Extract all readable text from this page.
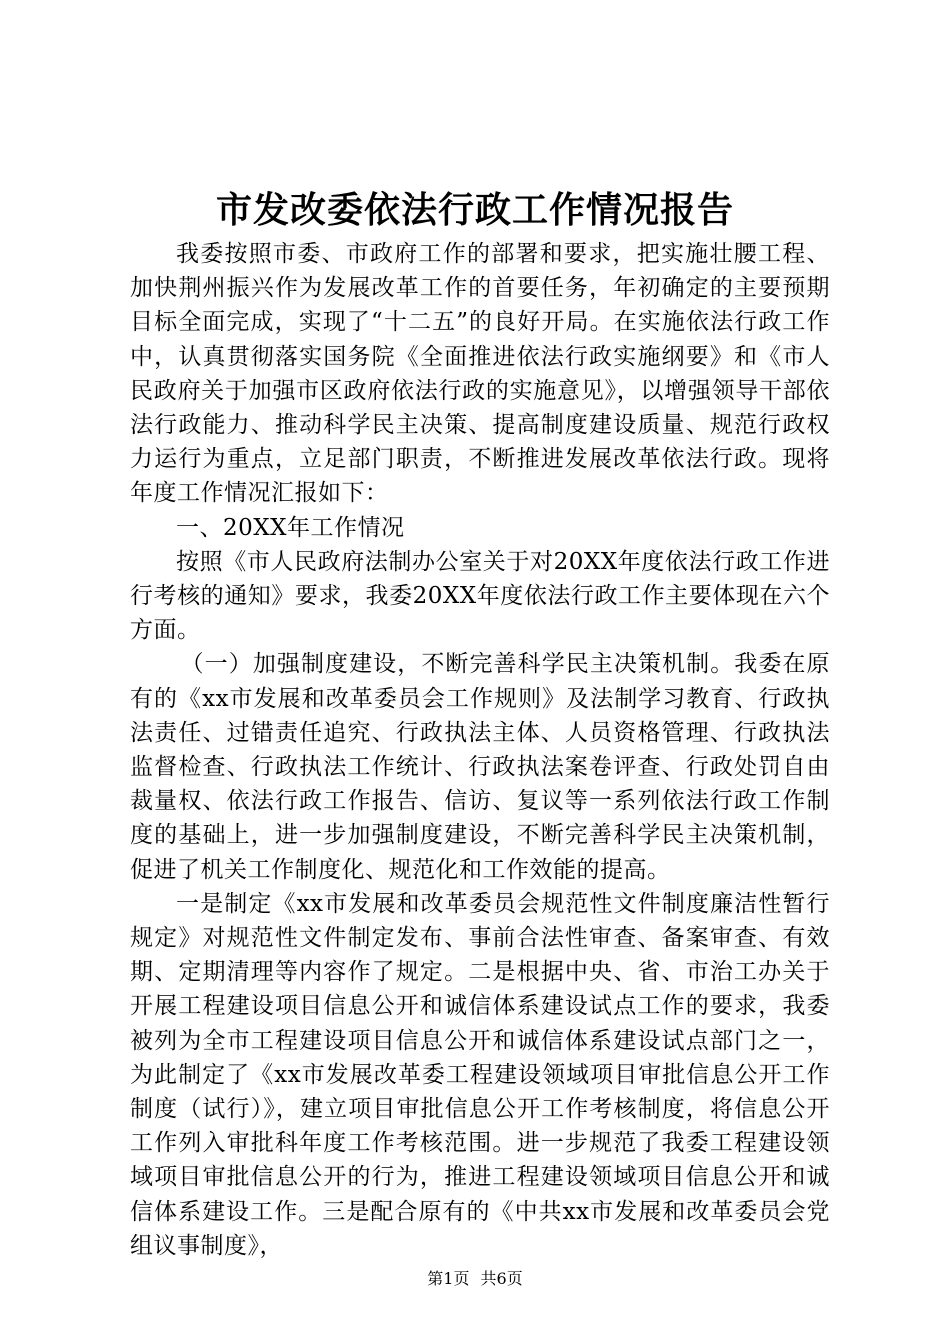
市发改委依法行政工作情况报告

我委按照市委、市政府工作的部署和要求，把实施壮腰工程、加快荆州振兴作为发展改革工作的首要任务，年初确定的主要预期目标全面完成，实现了“十二五”的良好开局。在实施依法行政工作中，认真贯彻落实国务院《全面推进依法行政实施纲要》和《市人民政府关于加强市区政府依法行政的实施意见》，以增强领导干部依法行政能力、推动科学民主决策、提高制度建设质量、规范行政权力运行为重点，立足部门职责，不断推进发展改革依法行政。现将年度工作情况汇报如下：

一、20XX年工作情况

按照《市人民政府法制办公室关于对20XX年度依法行政工作进行考核的通知》要求，我委20XX年度依法行政工作主要体现在六个方面。

（一）加强制度建设，不断完善科学民主决策机制。我委在原有的《xx市发展和改革委员会工作规则》及法制学习教育、行政执法责任、过错责任追究、行政执法主体、人员资格管理、行政执法监督检查、行政执法工作统计、行政执法案卷评查、行政处罚自由裁量权、依法行政工作报告、信访、复议等一系列依法行政工作制度的基础上，进一步加强制度建设，不断完善科学民主决策机制，促进了机关工作制度化、规范化和工作效能的提高。

一是制定《xx市发展和改革委员会规范性文件制度廉洁性暂行规定》对规范性文件制定发布、事前合法性审查、备案审查、有效期、定期清理等内容作了规定。二是根据中央、省、市治工办关于开展工程建设项目信息公开和诚信体系建设试点工作的要求，我委被列为全市工程建设项目信息公开和诚信体系建设试点部门之一，为此制定了《xx市发展改革委工程建设领域项目审批信息公开工作制度（试行）》，建立项目审批信息公开工作考核制度，将信息公开工作列入审批科年度工作考核范围。进一步规范了我委工程建设领域项目审批信息公开的行为，推进工程建设领域项目信息公开和诚信体系建设工作。三是配合原有的《中共xx市发展和改革委员会党组议事制度》，

第1页 共6页
